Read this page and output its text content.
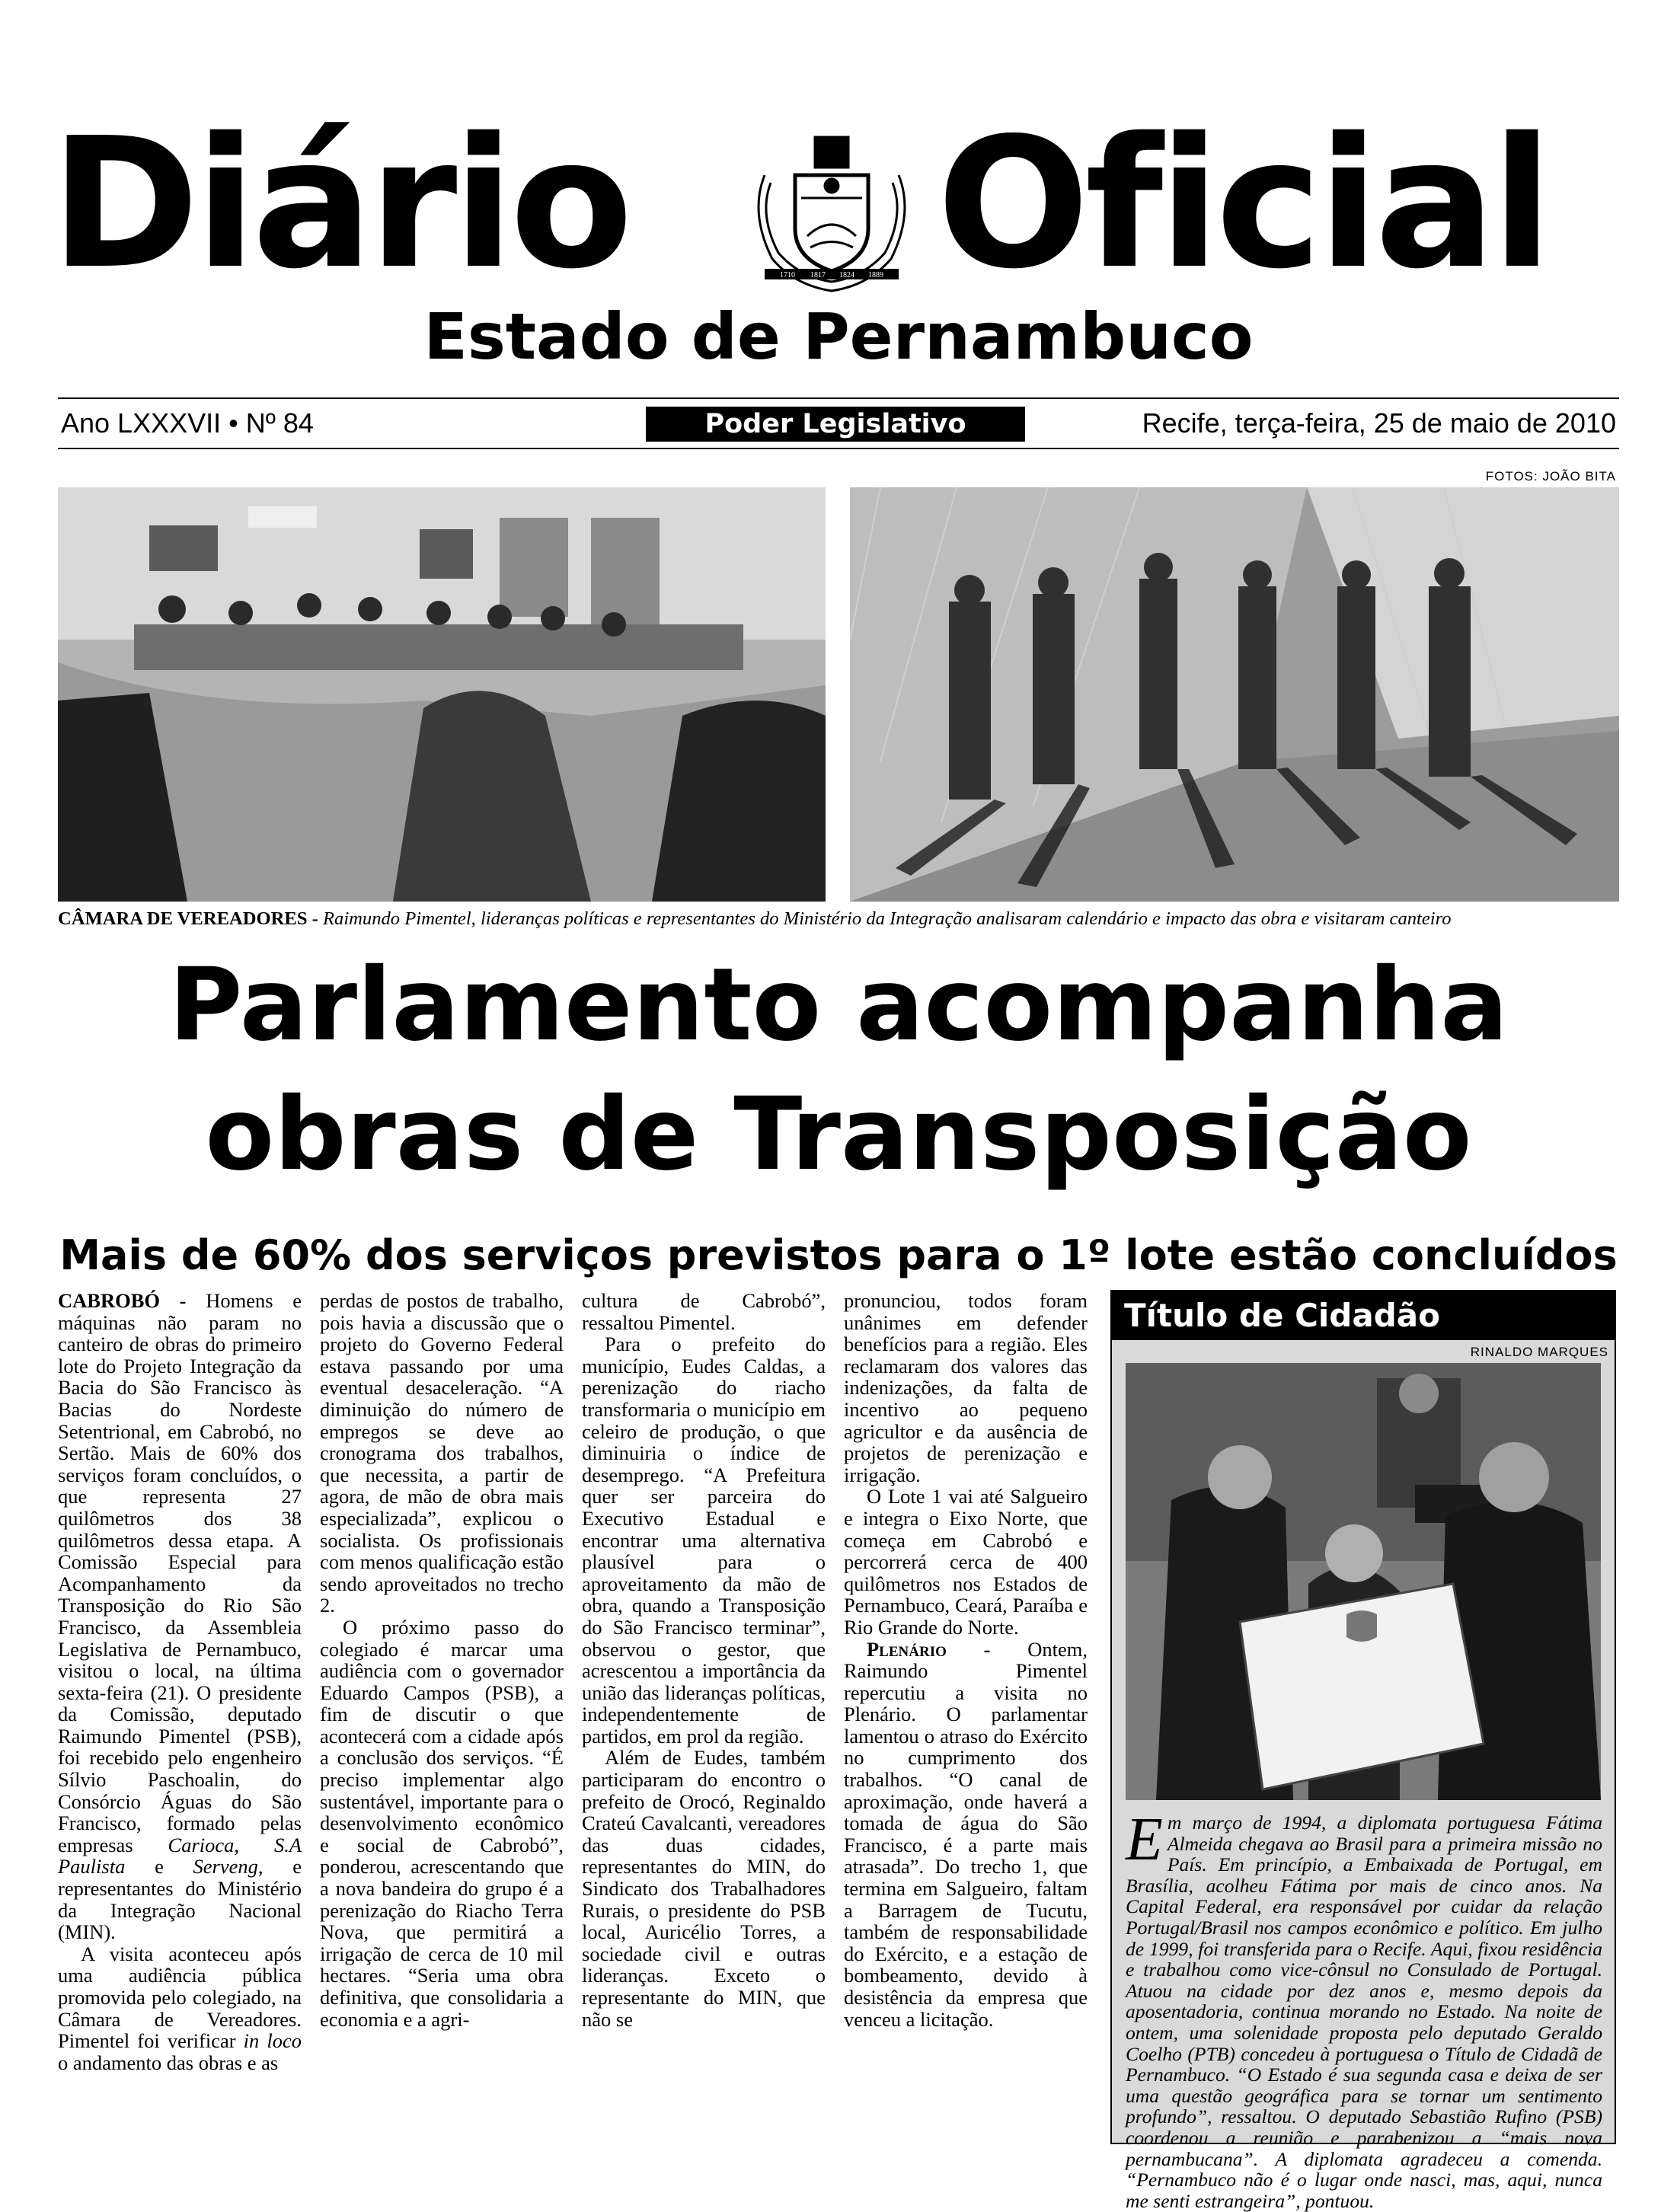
Diário	1710 1817 1824 1889 Oficial
Estado de Pernambuco
Ano LXXXVII • Nº 84	Poder Legislativo	Recife, terça-feira, 25 de maio de 2010
FOTOS: JOÃO BITA
CÂMARA DE VEREADORES - Raimundo Pimentel, lideranças políticas e representantes do Ministério da Integração analisaram calendário e impacto das obra e visitaram canteiro
Parlamento acompanha
obras de Transposição
Mais de 60% dos serviços previstos para o 1º lote estão concluídos

CABROBÓ - Homens e máquinas não param no canteiro de obras do primeiro lote do Projeto Integração da Bacia do São Francisco às Bacias do Nordeste Setentrional, em Cabrobó, no Sertão. Mais de 60% dos serviços foram concluídos, o que representa 27 quilômetros dos 38 quilômetros dessa etapa. A Comissão Especial para Acompanhamento da Transposição do Rio São Francisco, da Assembleia Legislativa de Pernambuco, visitou o local, na última sexta-feira (21). O presidente da Comissão, deputado Raimundo Pimentel (PSB), foi recebido pelo engenheiro Sílvio Paschoalin, do Consórcio Águas do São Francisco, formado pelas empresas Carioca, S.A Paulista e Serveng, e representantes do Ministério da Integração Nacional (MIN).

A visita aconteceu após uma audiência pública promovida pelo colegiado, na Câmara de Vereadores. Pimentel foi verificar in loco o andamento das obras e as

perdas de postos de trabalho, pois havia a discussão que o projeto do Governo Federal estava passando por uma eventual desaceleração. “A diminuição do número de empregos se deve ao cronograma dos trabalhos, que necessita, a partir de agora, de mão de obra mais especializada”, explicou o socialista. Os profissionais com menos qualificação estão sendo aproveitados no trecho 2.

O próximo passo do colegiado é marcar uma audiência com o governador Eduardo Campos (PSB), a fim de discutir o que acontecerá com a cidade após a conclusão dos serviços. “É preciso implementar algo sustentável, importante para o desenvolvimento econômico e social de Cabrobó”, ponderou, acrescentando que a nova bandeira do grupo é a perenização do Riacho Terra Nova, que permitirá a irrigação de cerca de 10 mil hectares. “Seria uma obra definitiva, que consolidaria a economia e a agri-

cultura de Cabrobó”, ressaltou Pimentel.

Para o prefeito do município, Eudes Caldas, a perenização do riacho transformaria o município em celeiro de produção, o que diminuiria o índice de desemprego. “A Prefeitura quer ser parceira do Executivo Estadual e encontrar uma alternativa plausível para o aproveitamento da mão de obra, quando a Transposição do São Francisco terminar”, observou o gestor, que acrescentou a importância da união das lideranças políticas, independentemente de partidos, em prol da região.

Além de Eudes, também participaram do encontro o prefeito de Orocó, Reginaldo Crateú Cavalcanti, vereadores das duas cidades, representantes do MIN, do Sindicato dos Trabalhadores Rurais, o presidente do PSB local, Auricélio Torres, a sociedade civil e outras lideranças. Exceto o representante do MIN, que não se

pronunciou, todos foram unânimes em defender benefícios para a região. Eles reclamaram dos valores das indenizações, da falta de incentivo ao pequeno agricultor e da ausência de projetos de perenização e irrigação.

O Lote 1 vai até Salgueiro e integra o Eixo Norte, que começa em Cabrobó e percorrerá cerca de 400 quilômetros nos Estados de Pernambuco, Ceará, Paraíba e Rio Grande do Norte.

Plenário - Ontem, Raimundo Pimentel repercutiu a visita no Plenário. O parlamentar lamentou o atraso do Exército no cumprimento dos trabalhos. “O canal de aproximação, onde haverá a tomada de água do São Francisco, é a parte mais atrasada”. Do trecho 1, que termina em Salgueiro, faltam a Barragem de Tucutu, também de responsabilidade do Exército, e a estação de bombeamento, devido à desistência da empresa que venceu a licitação.

Título de Cidadão
RINALDO MARQUES

Em março de 1994, a diplomata portuguesa Fátima Almeida chegava ao Brasil para a primeira missão no País. Em princípio, a Embaixada de Portugal, em Brasília, acolheu Fátima por mais de cinco anos. Na Capital Federal, era responsável por cuidar da relação Portugal/Brasil nos campos econômico e político. Em julho de 1999, foi transferida para o Recife. Aqui, fixou residência e trabalhou como vice-cônsul no Consulado de Portugal. Atuou na cidade por dez anos e, mesmo depois da aposentadoria, continua morando no Estado. Na noite de ontem, uma solenidade proposta pelo deputado Geraldo Coelho (PTB) concedeu à portuguesa o Título de Cidadã de Pernambuco. “O Estado é sua segunda casa e deixa de ser uma questão geográfica para se tornar um sentimento profundo”, ressaltou. O deputado Sebastião Rufino (PSB) coordenou a reunião e parabenizou a “mais nova pernambucana”. A diplomata agradeceu a comenda. “Pernambuco não é o lugar onde nasci, mas, aqui, nunca me senti estrangeira”, pontuou.
